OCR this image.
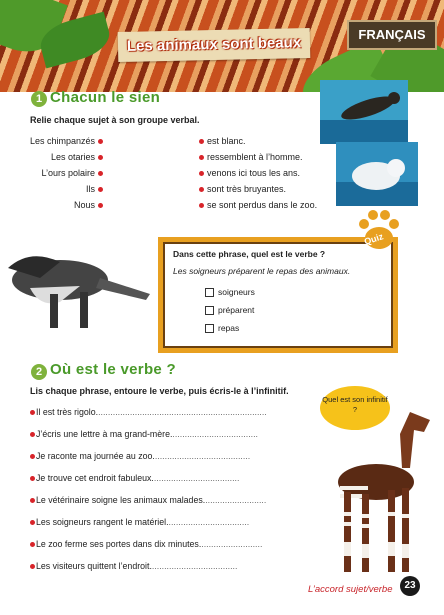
Les animaux sont beaux	FRANÇAIS
1 Chacun le sien
Relie chaque sujet à son groupe verbal.
Les chimpanzés
Les otaries
L’ours polaire
Ils
Nous
est blanc.
ressemblent à l’homme.
venons ici tous les ans.
sont très bruyantes.
se sont perdus dans le zoo.
Dans cette phrase, quel est le verbe ?
Les soigneurs préparent le repas des animaux.
soigneurs
préparent
repas
Quiz
2 Où est le verbe ?
Lis chaque phrase, entoure le verbe, puis écris-le à l’infinitif.
Il est très rigolo......................................................................
J’écris une lettre à ma grand-mère....................................
Je raconte ma journée au zoo........................................
Je trouve cet endroit fabuleux....................................
Le vétérinaire soigne les animaux malades..........................
Les soigneurs rangent le matériel..................................
Le zoo ferme ses portes dans dix minutes..........................
Les visiteurs quittent l’endroit....................................
Quel est son infinitif ?
L’accord sujet/verbe	23
